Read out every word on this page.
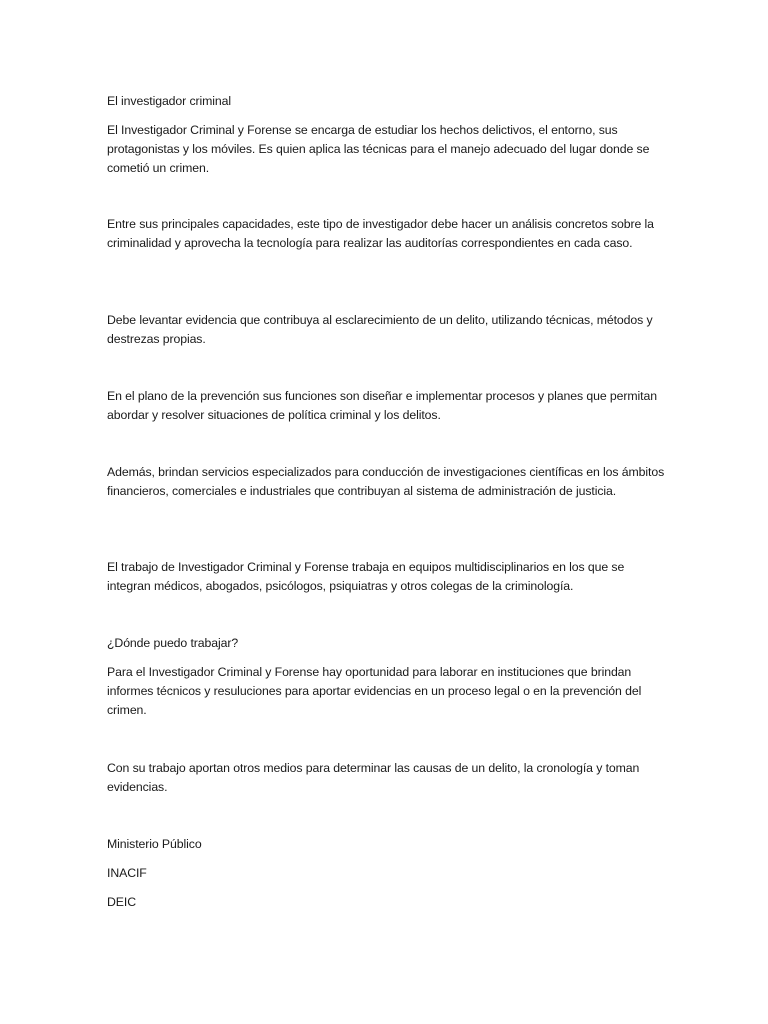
El investigador criminal

El Investigador Criminal y Forense se encarga de estudiar los hechos delictivos, el entorno, sus protagonistas y los móviles. Es quien aplica las técnicas para el manejo adecuado del lugar donde se cometió un crimen.

Entre sus principales capacidades, este tipo de investigador debe hacer un análisis concretos sobre la criminalidad y aprovecha la tecnología para realizar las auditorías correspondientes en cada caso.

Debe levantar evidencia que contribuya al esclarecimiento de un delito, utilizando técnicas, métodos y destrezas propias.

En el plano de la prevención sus funciones son diseñar e implementar procesos y planes que permitan abordar y resolver situaciones de política criminal y los delitos.

Además, brindan servicios especializados para conducción de investigaciones científicas en los ámbitos financieros, comerciales e industriales que contribuyan al sistema de administración de justicia.

El trabajo de Investigador Criminal y Forense trabaja en equipos multidisciplinarios en los que se integran médicos, abogados, psicólogos, psiquiatras y otros colegas de la criminología.

¿Dónde puedo trabajar?

Para el Investigador Criminal y Forense hay oportunidad para laborar en instituciones que brindan informes técnicos y resuluciones para aportar evidencias en un proceso legal o en la prevención del crimen.

Con su trabajo aportan otros medios para determinar las causas de un delito, la cronología y toman evidencias.

Ministerio Público

INACIF

DEIC
